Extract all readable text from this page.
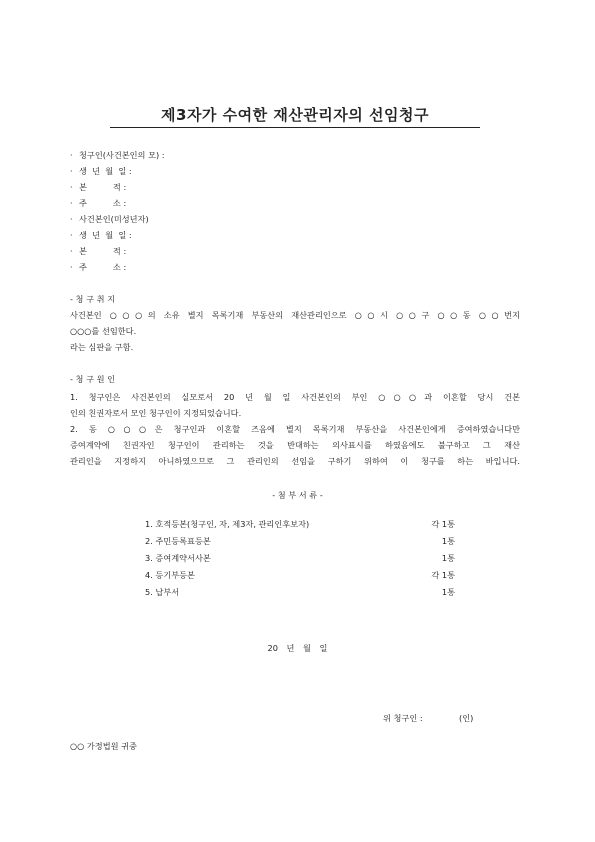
제3자가 수여한 재산관리자의 선임청구
· 청구인(사건본인의 모) :
· 생  년  월  일 :
· 본          적 :
· 주          소 :
· 사건본인(미성년자)
· 생  년  월  일 :
· 본          적 :
· 주          소 :
- 청 구 취 지
사건본인 ○○○의 소유 별지 목록기재 부동산의 재산관리인으로 ○○시 ○○구 ○○동 ○○번지
○○○를 선임한다.
라는 심판을 구함.
- 청 구 원 인
1. 청구인은 사건본인의 실모로서 20 년 월 일 사건본인의 부인 ○○○과 이혼할 당시 건본
인의 친권자로서 모인 청구인이 지정되었습니다.
2. 동 ○○○은 청구인과 이혼할 즈음에 별지 목록기재 부동산을 사건본인에게 증여하였습니다만
증여계약에 친권자인 청구인이 관리하는 것을 반대하는 의사표시를 하였음에도 불구하고 그 재산
관리인을 지정하지 아니하였으므로 그 관리인의 선임을 구하기 위하여 이 청구를 하는 바입니다.
- 첨 부 서 류 -
1. 호적등본(청구인, 자, 제3자, 관리인후보자)	각 1통
2. 주민등록표등본	1통
3. 증여계약서사본	1통
4. 등기부등본	각 1통
5. 납부서	1통
20 년 월 일
위 청구인 :              (인)
○○ 가정법원 귀중
